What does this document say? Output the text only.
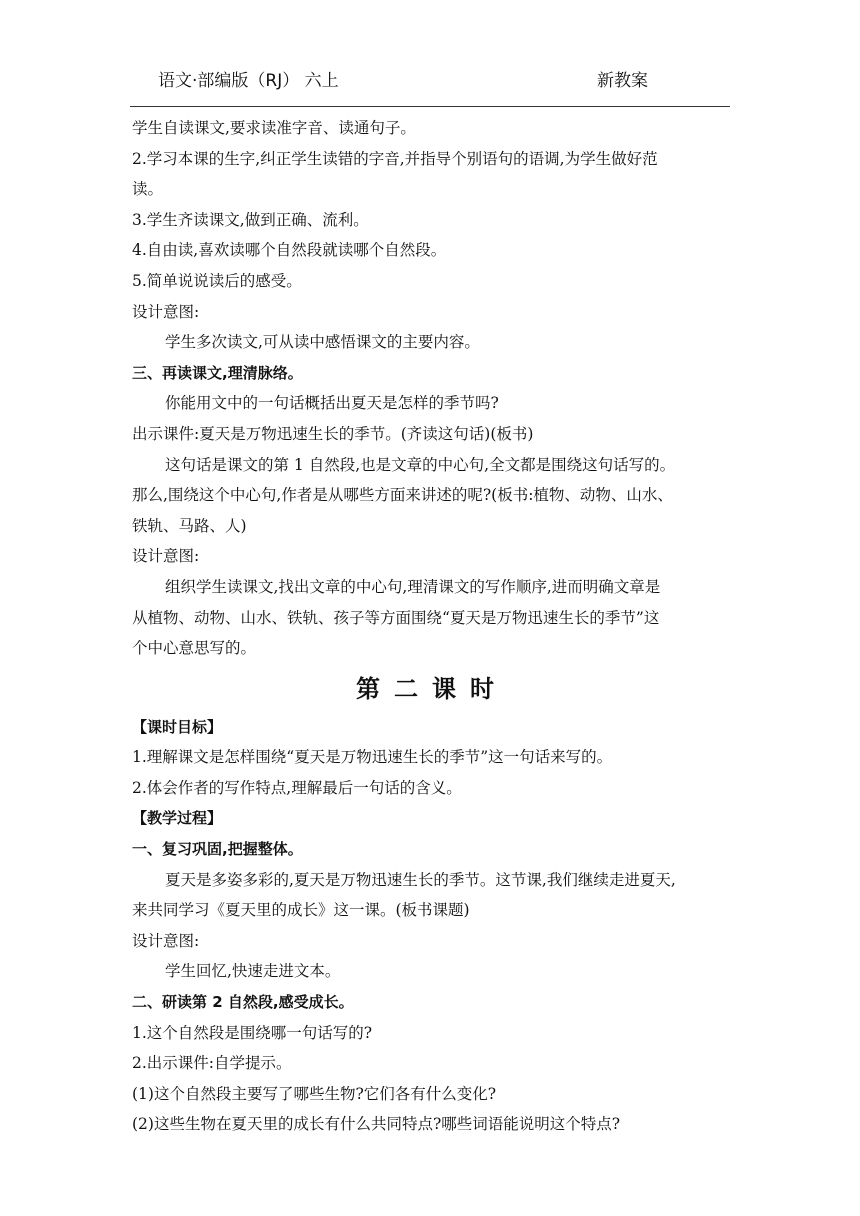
语文·部编版（RJ） 六上	新教案
学生自读课文,要求读准字音、读通句子。
2.学习本课的生字,纠正学生读错的字音,并指导个别语句的语调,为学生做好范
读。
3.学生齐读课文,做到正确、流利。
4.自由读,喜欢读哪个自然段就读哪个自然段。
5.简单说说读后的感受。
设计意图:
学生多次读文,可从读中感悟课文的主要内容。
三、再读课文,理清脉络。
你能用文中的一句话概括出夏天是怎样的季节吗?
出示课件:夏天是万物迅速生长的季节。(齐读这句话)(板书)
这句话是课文的第 1 自然段,也是文章的中心句,全文都是围绕这句话写的。
那么,围绕这个中心句,作者是从哪些方面来讲述的呢?(板书:植物、动物、山水、
铁轨、马路、人)
设计意图:
组织学生读课文,找出文章的中心句,理清课文的写作顺序,进而明确文章是
从植物、动物、山水、铁轨、孩子等方面围绕“夏天是万物迅速生长的季节”这
个中心意思写的。
第二课时
【课时目标】
1.理解课文是怎样围绕“夏天是万物迅速生长的季节”这一句话来写的。
2.体会作者的写作特点,理解最后一句话的含义。
【教学过程】
一、复习巩固,把握整体。
夏天是多姿多彩的,夏天是万物迅速生长的季节。这节课,我们继续走进夏天,
来共同学习《夏天里的成长》这一课。(板书课题)
设计意图:
学生回忆,快速走进文本。
二、研读第 2 自然段,感受成长。
1.这个自然段是围绕哪一句话写的?
2.出示课件:自学提示。
(1)这个自然段主要写了哪些生物?它们各有什么变化?
(2)这些生物在夏天里的成长有什么共同特点?哪些词语能说明这个特点?
